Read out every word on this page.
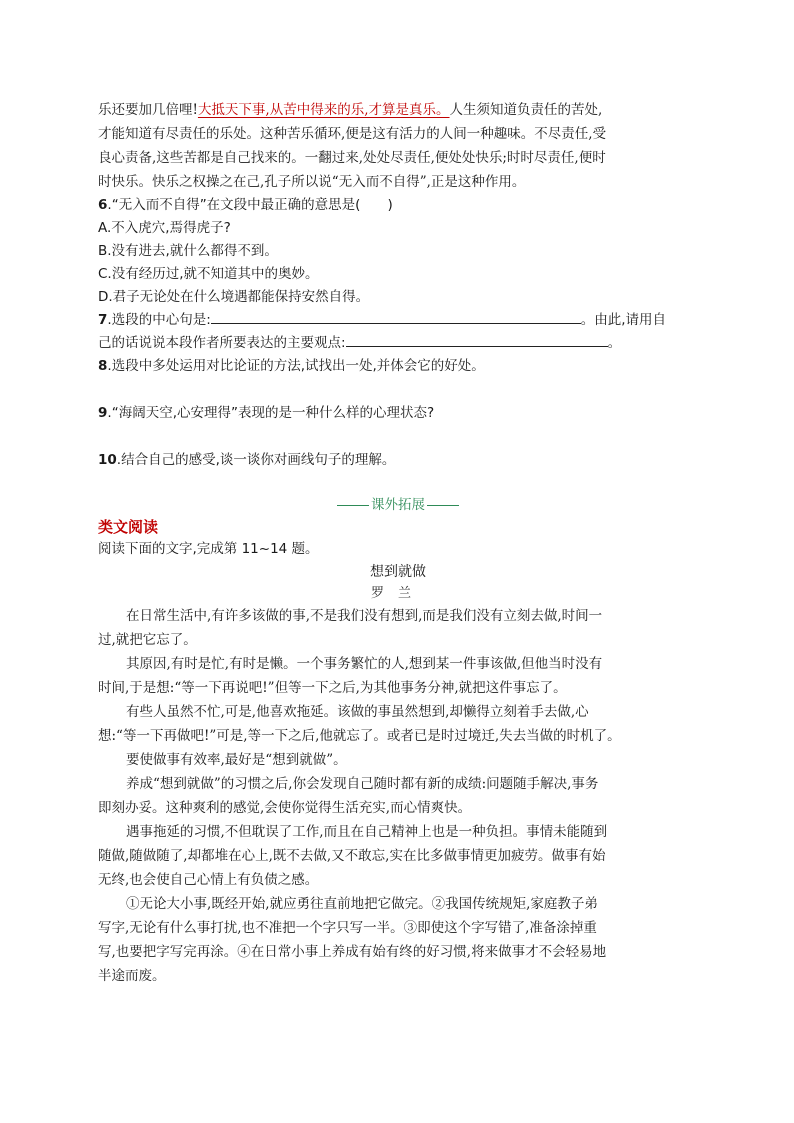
乐还要加几倍哩!大抵天下事,从苦中得来的乐,才算是真乐。人生须知道负责任的苦处,
才能知道有尽责任的乐处。这种苦乐循环,便是这有活力的人间一种趣味。不尽责任,受
良心责备,这些苦都是自己找来的。一翻过来,处处尽责任,便处处快乐;时时尽责任,便时
时快乐。快乐之权操之在己,孔子所以说“无入而不自得”,正是这种作用。
6.“无入而不自得”在文段中最正确的意思是(　　)
A.不入虎穴,焉得虎子?
B.没有进去,就什么都得不到。
C.没有经历过,就不知道其中的奥妙。
D.君子无论处在什么境遇都能保持安然自得。
7.选段的中心句是:	。由此,请用自
己的话说说本段作者所要表达的主要观点:	。
8.选段中多处运用对比论证的方法,试找出一处,并体会它的好处。
9.“海阔天空,心安理得”表现的是一种什么样的心理状态?
10.结合自己的感受,谈一谈你对画线句子的理解。
课外拓展
类文阅读
阅读下面的文字,完成第 11~14 题。
想到就做
罗兰
在日常生活中,有许多该做的事,不是我们没有想到,而是我们没有立刻去做,时间一
过,就把它忘了。
其原因,有时是忙,有时是懒。一个事务繁忙的人,想到某一件事该做,但他当时没有
时间,于是想:“等一下再说吧!”但等一下之后,为其他事务分神,就把这件事忘了。
有些人虽然不忙,可是,他喜欢拖延。该做的事虽然想到,却懒得立刻着手去做,心
想:“等一下再做吧!”可是,等一下之后,他就忘了。或者已是时过境迁,失去当做的时机了。
要使做事有效率,最好是“想到就做”。
养成“想到就做”的习惯之后,你会发现自己随时都有新的成绩:问题随手解决,事务
即刻办妥。这种爽利的感觉,会使你觉得生活充实,而心情爽快。
遇事拖延的习惯,不但耽误了工作,而且在自己精神上也是一种负担。事情未能随到
随做,随做随了,却都堆在心上,既不去做,又不敢忘,实在比多做事情更加疲劳。做事有始
无终,也会使自己心情上有负债之感。
①无论大小事,既经开始,就应勇往直前地把它做完。②我国传统规矩,家庭教子弟
写字,无论有什么事打扰,也不准把一个字只写一半。③即使这个字写错了,准备涂掉重
写,也要把字写完再涂。④在日常小事上养成有始有终的好习惯,将来做事才不会轻易地
半途而废。
